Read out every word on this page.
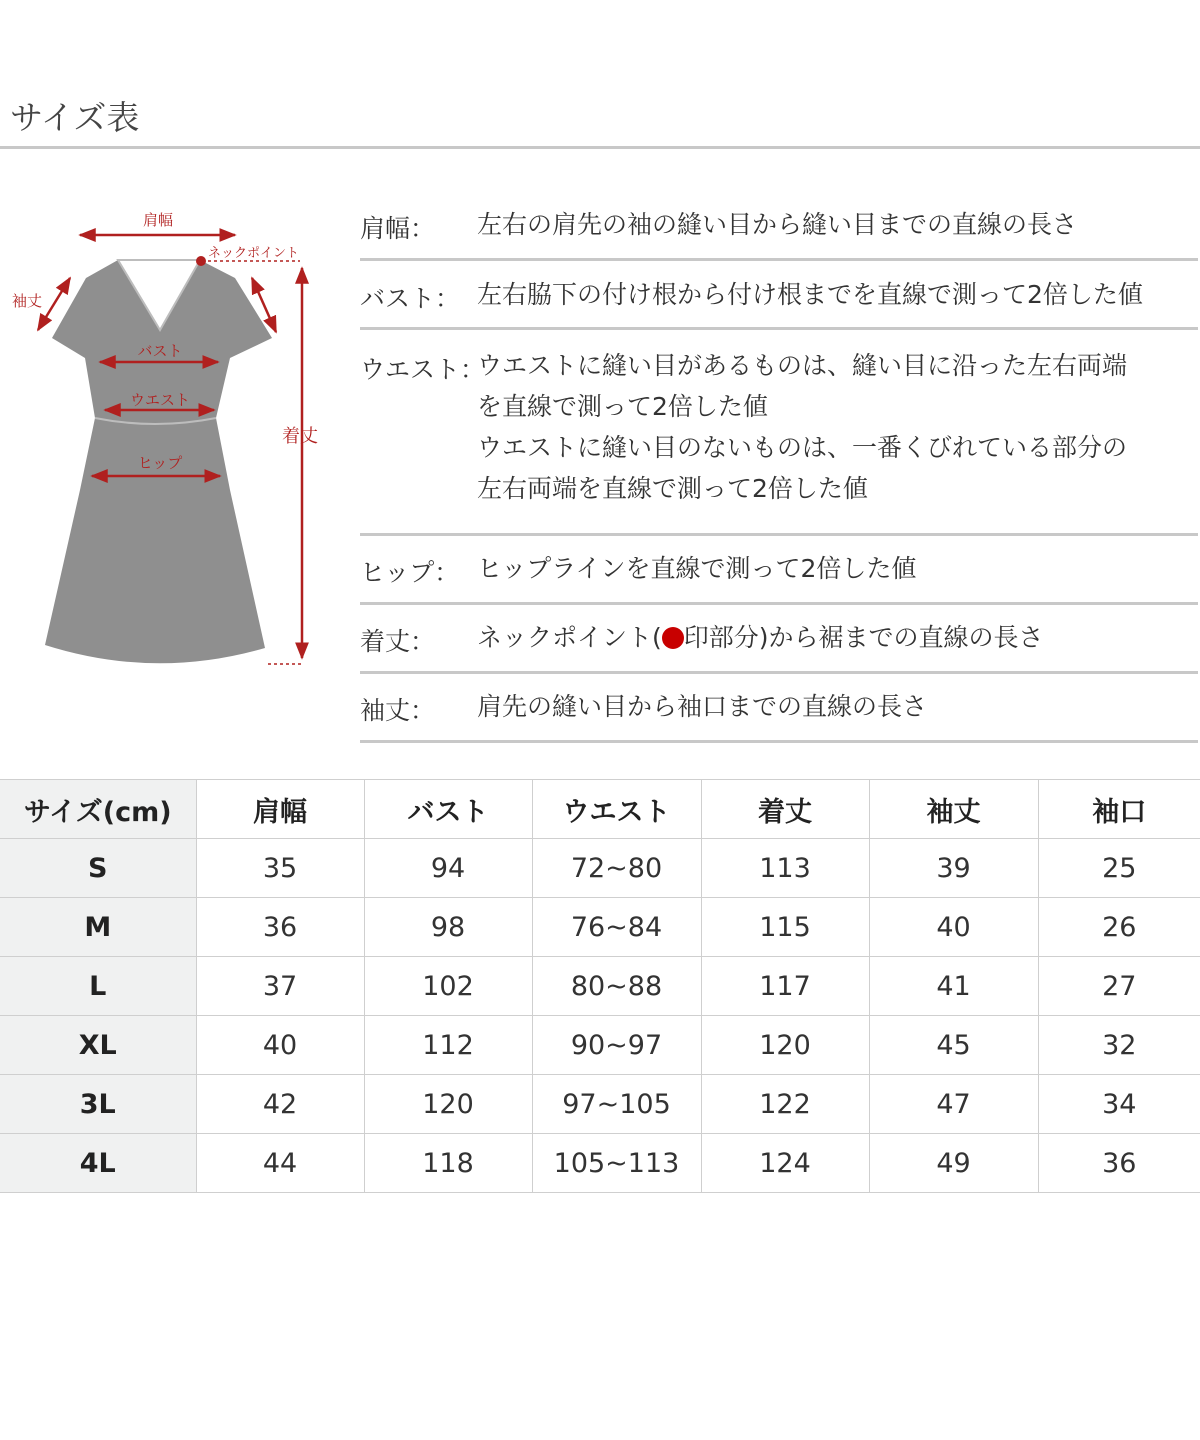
サイズ表
肩幅
ネックポイント
袖丈
バスト
ウエスト
ヒップ
着丈
肩幅： 左右の肩先の袖の縫い目から縫い目までの直線の長さ
バスト： 左右脇下の付け根から付け根までを直線で測って2倍した値
ウエスト：
ウエストに縫い目があるものは、縫い目に沿った左右両端
を直線で測って2倍した値
ウエストに縫い目のないものは、一番くびれている部分の
左右両端を直線で測って2倍した値
ヒップ： ヒップラインを直線で測って2倍した値
着丈： ネックポイント( 印部分)から裾までの直線の長さ
袖丈： 肩先の縫い目から袖口までの直線の長さ
サイズ(cm)	肩幅	バスト	ウエスト	着丈	袖丈	袖口
S	35	94	72~80	113	39	25
M	36	98	76~84	115	40	26
L	37	102	80~88	117	41	27
XL	40	112	90~97	120	45	32
3L	42	120	97~105	122	47	34
4L	44	118	105~113	124	49	36
